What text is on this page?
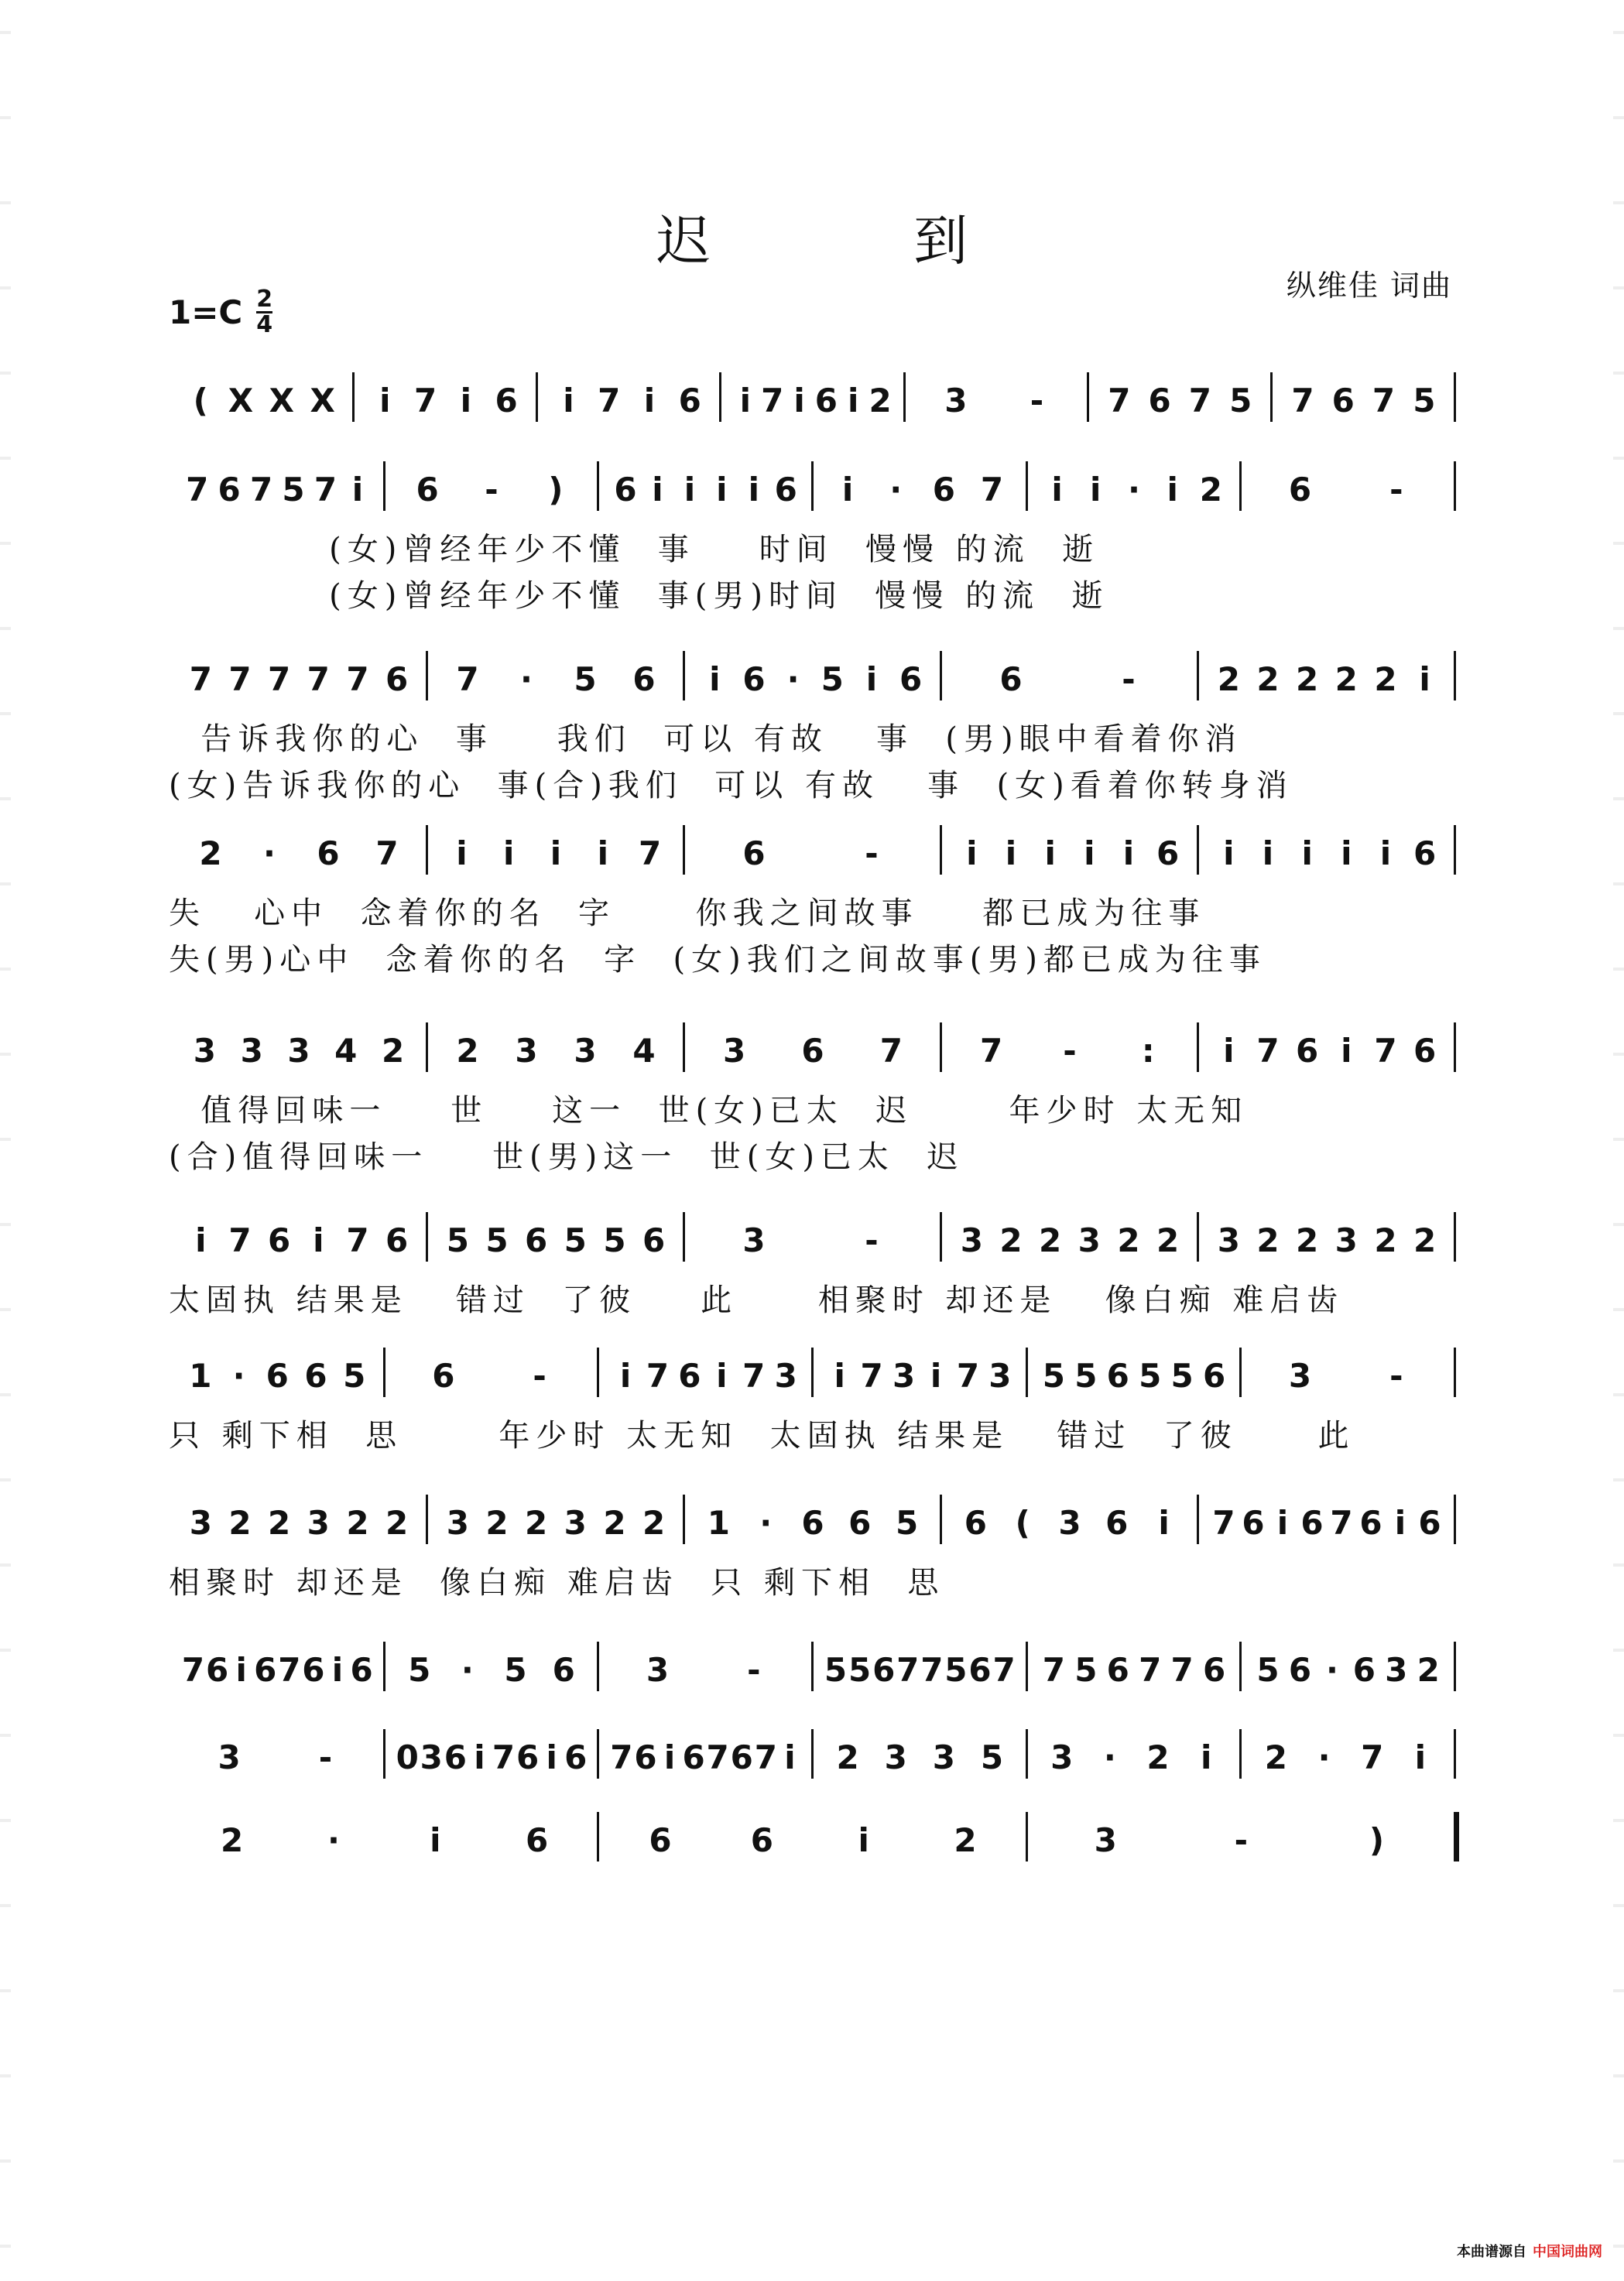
迟 到
纵维佳 词曲
$1=C \frac{2}{4}$
( X X X i 7 i 6 i 7 i 6 i 7 i 6 i 2 3 - 7 6 7 5 7 6 7 5
7 6 7 5 7 i 6 - ) 6 i i i i 6 i · 6 7 i i · i 2 6 -
(女)曾经年少不懂  事    时间  慢慢 的流  逝
(女)曾经年少不懂  事(男)时间  慢慢 的流  逝
7 7 7 7 7 6 7 · 5 6 i 6 · 5 i 6 6	-	2 2 2 2 2 i
告诉我你的心  事    我们  可以 有故   事  (男)眼中看着你消
(女)告诉我你的心  事(合)我们  可以 有故   事  (女)看着你转身消
2 · 6 7 i i i i 7	6	-	i i i i i 6 i i i i i 6
失   心中  念着你的名  字     你我之间故事    都已成为往事
失(男)心中  念着你的名  字  (女)我们之间故事(男)都已成为往事
3 3 3 4 2 2 3 3 4 3 6 7 7 - : i 7 6 i 7 6
值得回味一    世    这一  世(女)已太  迟      年少时 太无知
(合)值得回味一    世(男)这一  世(女)已太  迟
i 7 6 i 7 6 5 5 6 5 5 6 3	-	3 2 2 3 2 2 3 2 2 3 2 2
太固执 结果是   错过  了彼    此     相聚时 却还是   像白痴 难启齿
1 · 6 6 5 6 - i 7 6 i 7 3 i 7 3 i 7 3 5 5 6 5 5 6 3 -
只 剩下相  思      年少时 太无知  太固执 结果是   错过  了彼     此
3 2 2 3 2 2 3 2 2 3 2 2 1 · 6 6 5 6 ( 3 6 i 7 6 i 6 7 6 i 6
相聚时 却还是  像白痴 难启齿  只 剩下相  思
7 6 i 6 7 6 i 6 5 · 5 6 3 - 5 5 6 7 7 5 6 7 7 5 6 7 7 6 5 6 · 6 3 2
3 - 0 3 6 i 7 6 i 6 7 6 i 6 7 6 7 i 2 3 3 5 3 · 2 i 2 · 7 i
2	·	i	6	6 6	i	2	3	-	)
本曲谱源自 中国词曲网
